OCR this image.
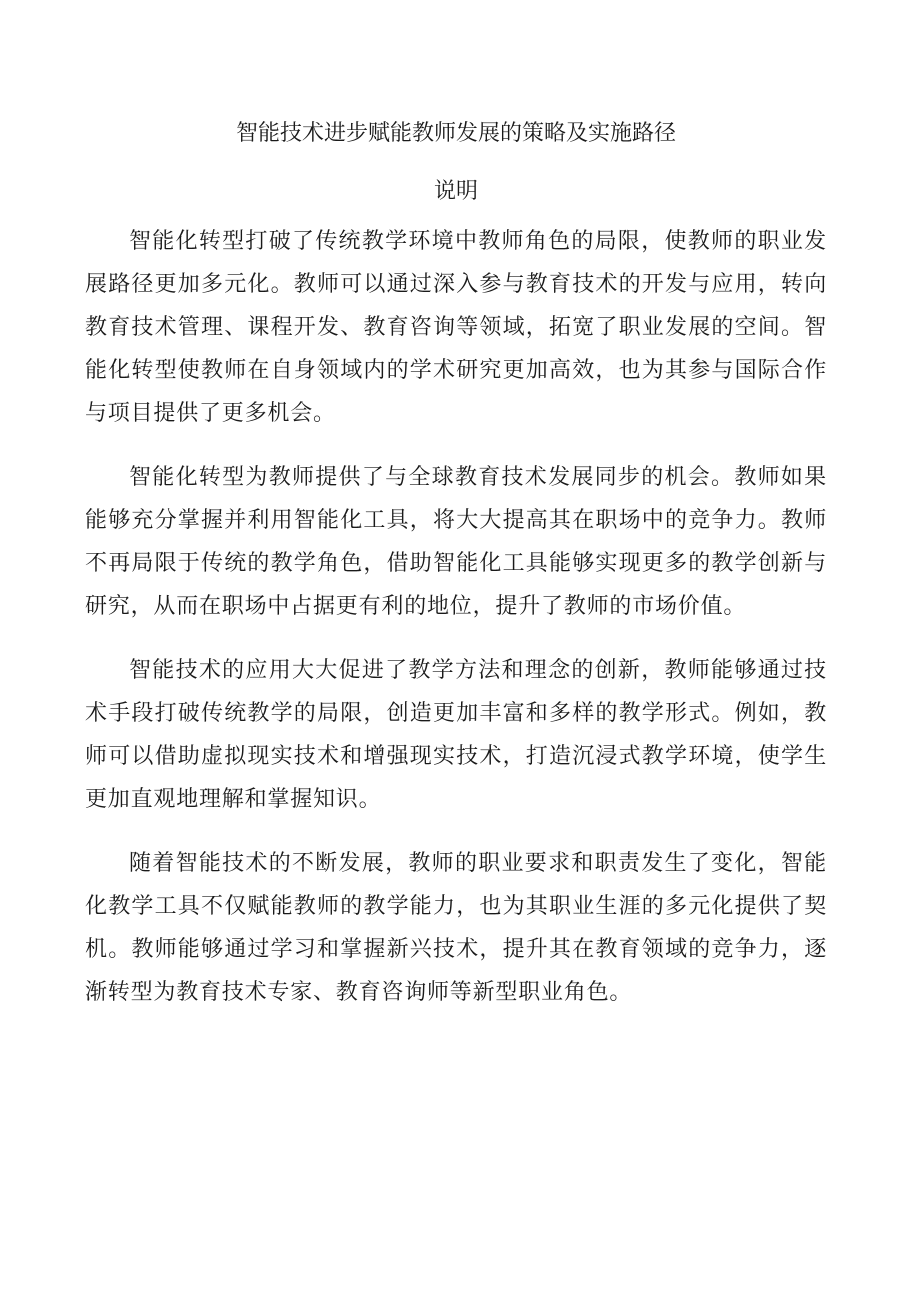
智能技术进步赋能教师发展的策略及实施路径
说明

智能化转型打破了传统教学环境中教师角色的局限，使教师的职业发展路径更加多元化。教师可以通过深入参与教育技术的开发与应用，转向教育技术管理、课程开发、教育咨询等领域，拓宽了职业发展的空间。智能化转型使教师在自身领域内的学术研究更加高效，也为其参与国际合作与项目提供了更多机会。

智能化转型为教师提供了与全球教育技术发展同步的机会。教师如果能够充分掌握并利用智能化工具，将大大提高其在职场中的竞争力。教师不再局限于传统的教学角色，借助智能化工具能够实现更多的教学创新与研究，从而在职场中占据更有利的地位，提升了教师的市场价值。

智能技术的应用大大促进了教学方法和理念的创新，教师能够通过技术手段打破传统教学的局限，创造更加丰富和多样的教学形式。例如，教师可以借助虚拟现实技术和增强现实技术，打造沉浸式教学环境，使学生更加直观地理解和掌握知识。

随着智能技术的不断发展，教师的职业要求和职责发生了变化，智能化教学工具不仅赋能教师的教学能力，也为其职业生涯的多元化提供了契机。教师能够通过学习和掌握新兴技术，提升其在教育领域的竞争力，逐渐转型为教育技术专家、教育咨询师等新型职业角色。
